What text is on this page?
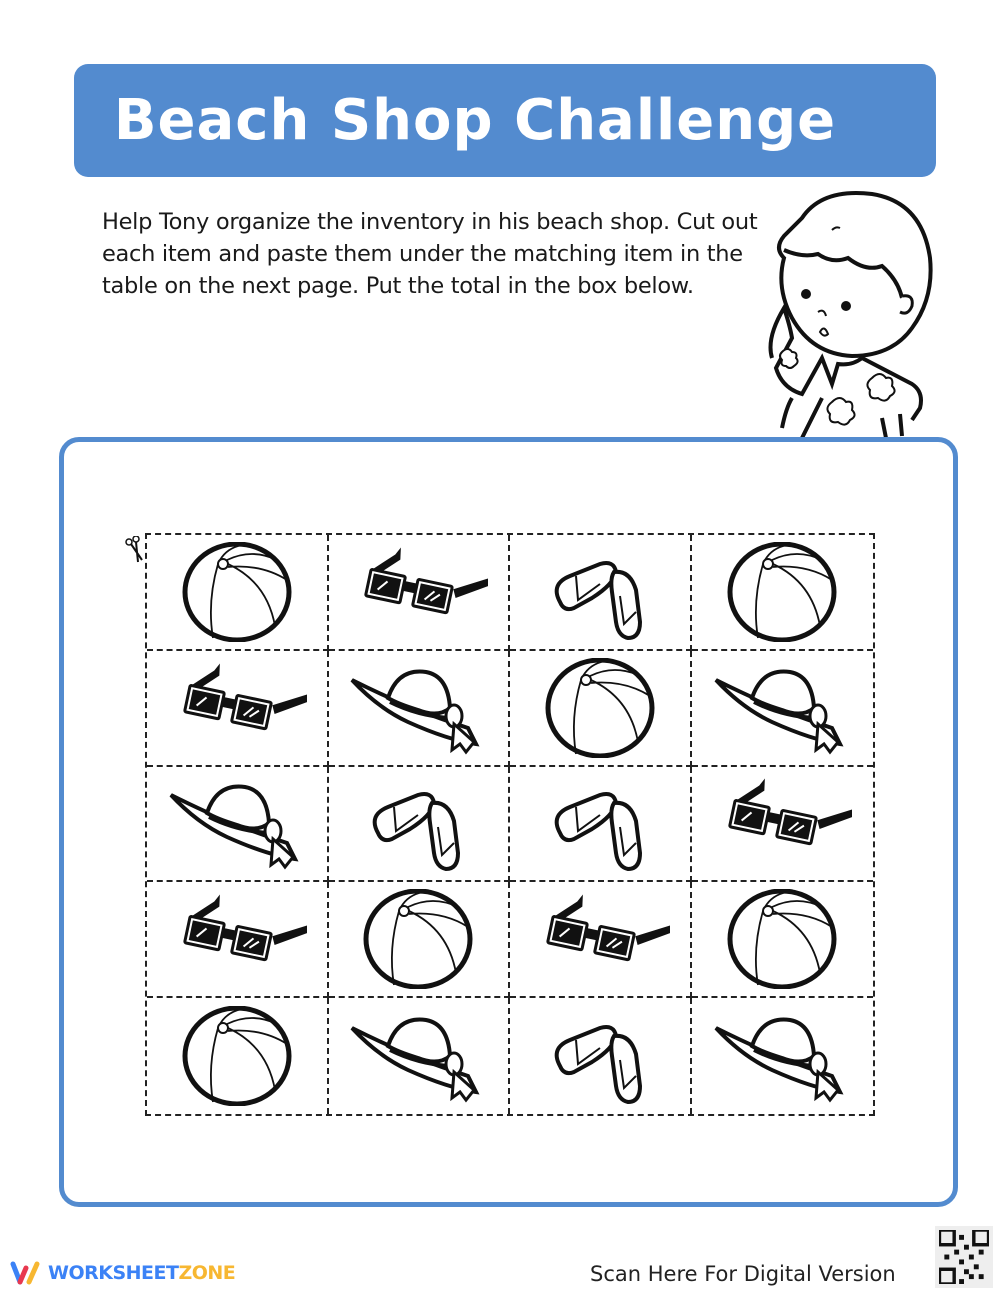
Beach Shop Challenge
Help Tony organize the inventory in his beach shop. Cut out each item and paste them under the matching item in the table on the next page. Put the total in the box below.
WORKSHEETZONE	Scan Here For Digital Version
